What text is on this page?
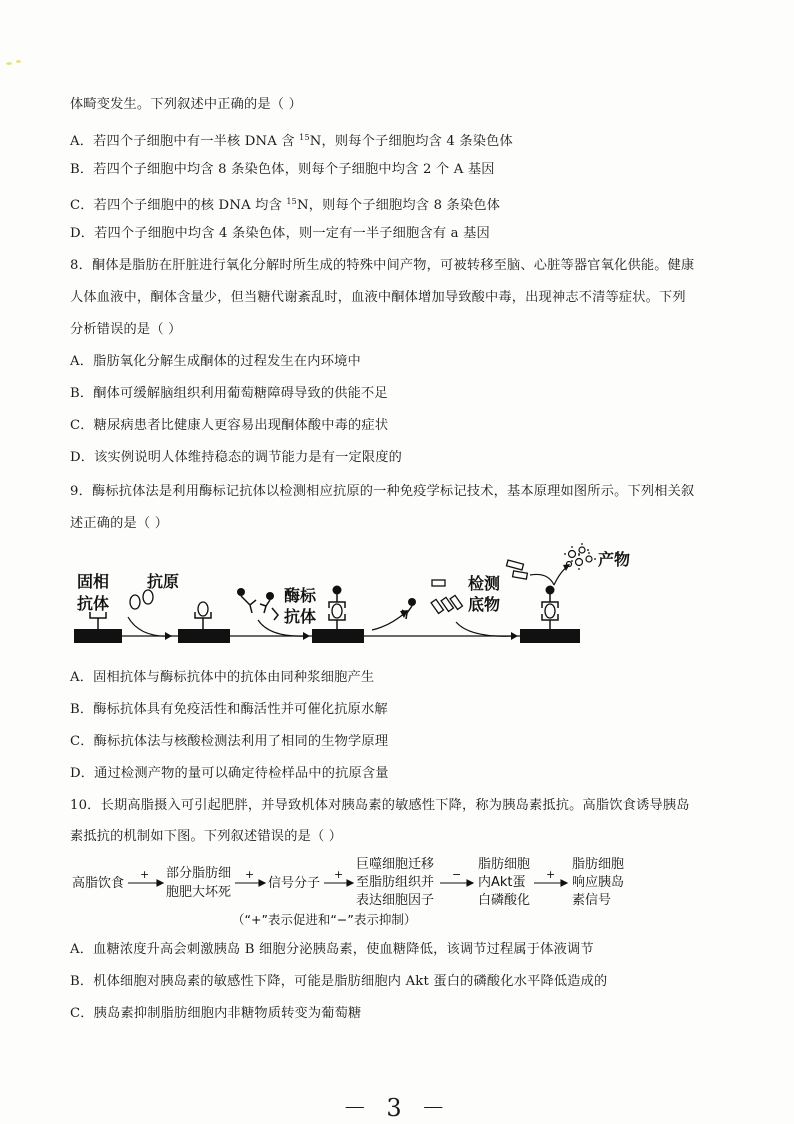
体畸变发生。下列叙述中正确的是（ ）
A．若四个子细胞中有一半核 DNA 含 $^{15}$N，则每个子细胞均含 4 条染色体
B．若四个子细胞中均含 8 条染色体，则每个子细胞中均含 2 个 A 基因
C．若四个子细胞中的核 DNA 均含 $^{15}$N，则每个子细胞均含 8 条染色体
D．若四个子细胞中均含 4 条染色体，则一定有一半子细胞含有 a 基因
8．酮体是脂肪在肝脏进行氧化分解时所生成的特殊中间产物，可被转移至脑、心脏等器官氧化供能。健康
人体血液中，酮体含量少，但当糖代谢紊乱时，血液中酮体增加导致酸中毒，出现神志不清等症状。下列
分析错误的是（ ）
A．脂肪氧化分解生成酮体的过程发生在内环境中
B．酮体可缓解脑组织利用葡萄糖障碍导致的供能不足
C．糖尿病患者比健康人更容易出现酮体酸中毒的症状
D．该实例说明人体维持稳态的调节能力是有一定限度的
9．酶标抗体法是利用酶标记抗体以检测相应抗原的一种免疫学标记技术，基本原理如图所示。下列相关叙
述正确的是（ ）
固相
抗体
抗原
酶标
抗体
检测
底物
产物
A．固相抗体与酶标抗体中的抗体由同种浆细胞产生
B．酶标抗体具有免疫活性和酶活性并可催化抗原水解
C．酶标抗体法与核酸检测法利用了相同的生物学原理
D．通过检测产物的量可以确定待检样品中的抗原含量
10．长期高脂摄入可引起肥胖，并导致机体对胰岛素的敏感性下降，称为胰岛素抵抗。高脂饮食诱导胰岛
素抵抗的机制如下图。下列叙述错误的是（ ）
高脂饮食
部分脂肪细
胞肥大坏死
信号分子
巨噬细胞迁移
至脂肪组织并
表达细胞因子
脂肪细胞
内Akt蛋
白磷酸化
脂肪细胞
响应胰岛
素信号
+	+	+	−	+
（“+”表示促进和“−”表示抑制）
A．血糖浓度升高会刺激胰岛 B 细胞分泌胰岛素，使血糖降低，该调节过程属于体液调节
B．机体细胞对胰岛素的敏感性下降，可能是脂肪细胞内 Akt 蛋白的磷酸化水平降低造成的
C．胰岛素抑制脂肪细胞内非糖物质转变为葡萄糖
－ 3 －
